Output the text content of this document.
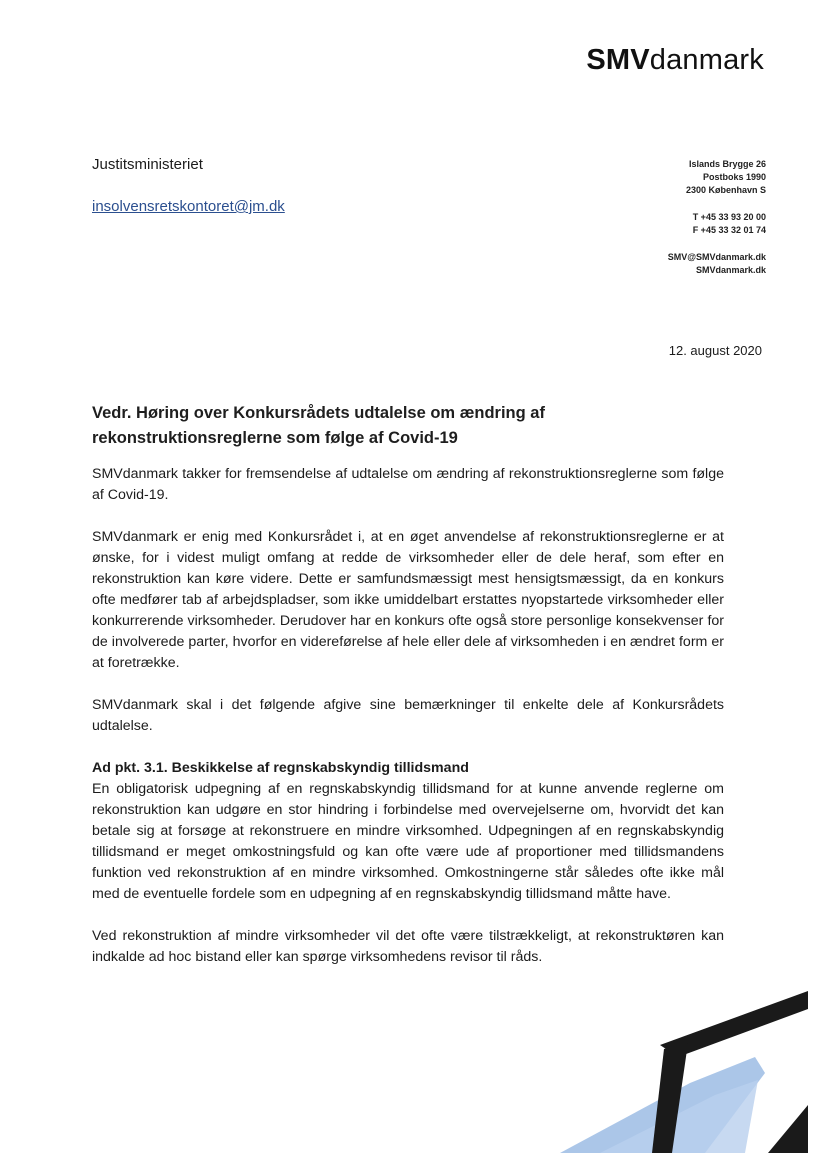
SMVdanmark
Justitsministeriet
insolvensretskontoret@jm.dk
Islands Brygge 26
Postboks 1990
2300 København S
T +45 33 93 20 00
F +45 33 32 01 74
SMV@SMVdanmark.dk
SMVdanmark.dk
12. august 2020
Vedr. Høring over Konkursrådets udtalelse om ændring af rekonstruktionsreglerne som følge af Covid-19

SMVdanmark takker for fremsendelse af udtalelse om ændring af rekonstruktionsreglerne som følge af Covid-19.

SMVdanmark er enig med Konkursrådet i, at en øget anvendelse af rekonstruktionsreglerne er at ønske, for i videst muligt omfang at redde de virksomheder eller de dele heraf, som efter en rekonstruktion kan køre videre. Dette er samfundsmæssigt mest hensigtsmæssigt, da en konkurs ofte medfører tab af arbejdspladser, som ikke umiddelbart erstattes nyopstartede virksomheder eller konkurrerende virksomheder. Derudover har en konkurs ofte også store personlige konsekvenser for de involverede parter, hvorfor en videreførelse af hele eller dele af virksomheden i en ændret form er at foretrække.

SMVdanmark skal i det følgende afgive sine bemærkninger til enkelte dele af Konkursrådets udtalelse.

Ad pkt. 3.1. Beskikkelse af regnskabskyndig tillidsmand

En obligatorisk udpegning af en regnskabskyndig tillidsmand for at kunne anvende reglerne om rekonstruktion kan udgøre en stor hindring i forbindelse med overvejelserne om, hvorvidt det kan betale sig at forsøge at rekonstruere en mindre virksomhed. Udpegningen af en regnskabskyndig tillidsmand er meget omkostningsfuld og kan ofte være ude af proportioner med tillidsmandens funktion ved rekonstruktion af en mindre virksomhed. Omkostningerne står således ofte ikke mål med de eventuelle fordele som en udpegning af en regnskabskyndig tillidsmand måtte have.

Ved rekonstruktion af mindre virksomheder vil det ofte være tilstrækkeligt, at rekonstruktøren kan indkalde ad hoc bistand eller kan spørge virksomhedens revisor til råds.
